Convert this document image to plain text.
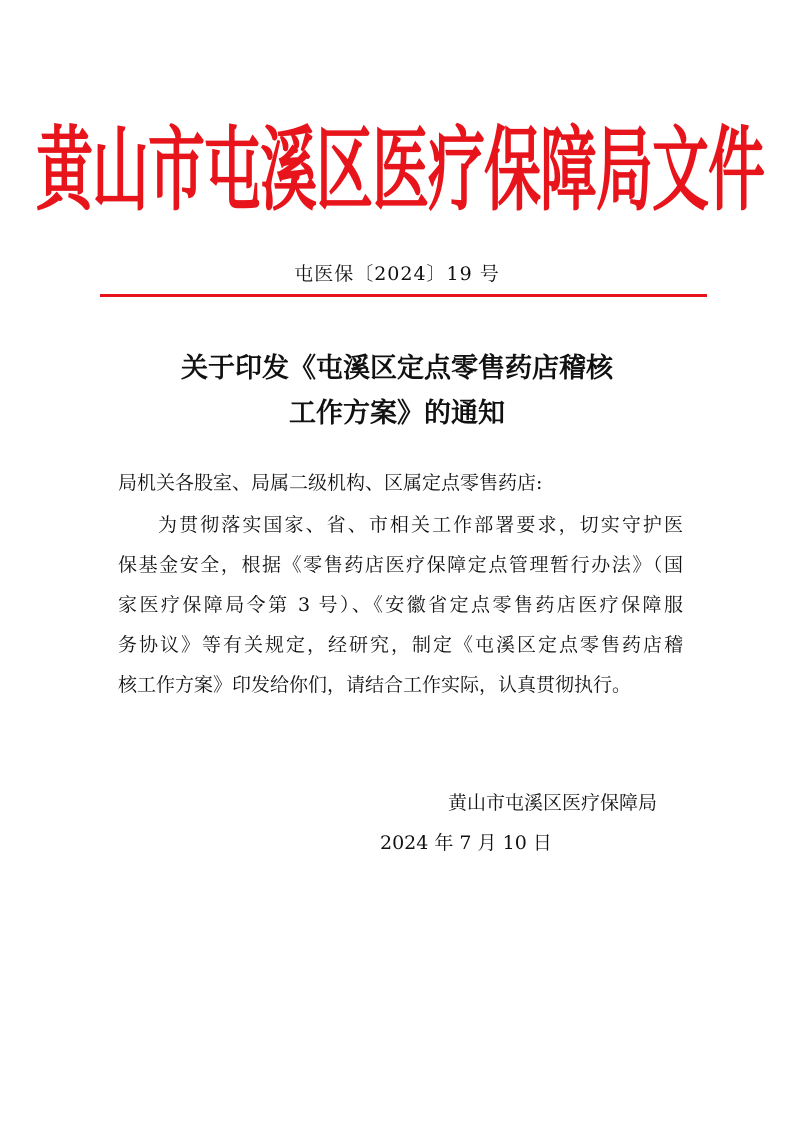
黄山市屯溪区医疗保障局文件
屯医保〔2024〕19 号
关于印发《屯溪区定点零售药店稽核
工作方案》的通知
局机关各股室、局属二级机构、区属定点零售药店:
为贯彻落实国家、省、市相关工作部署要求，切实守护医
保基金安全，根据《零售药店医疗保障定点管理暂行办法》（国
家医疗保障局令第 3 号）、《安徽省定点零售药店医疗保障服
务协议》等有关规定，经研究，制定《屯溪区定点零售药店稽
核工作方案》印发给你们，请结合工作实际，认真贯彻执行。
黄山市屯溪区医疗保障局
2024 年 7 月 10 日
